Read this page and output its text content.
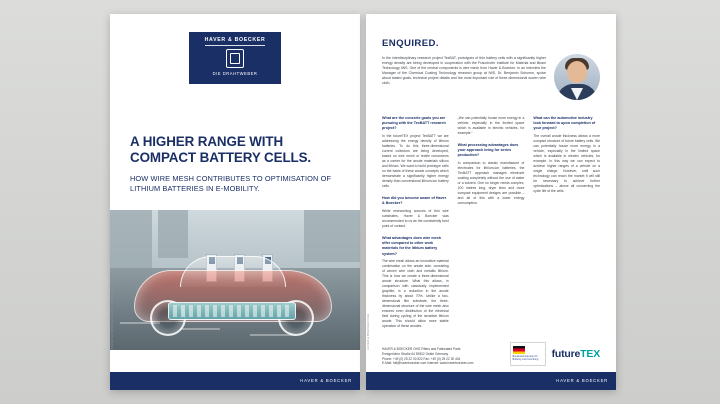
HAVER & BOECKER
DIE DRAHTWEBER
A HIGHER RANGE WITH COMPACT BATTERY CELLS.

HOW WIRE MESH CONTRIBUTES TO OPTIMISATION OF LITHIUM BATTERIES IN E-MOBILITY.

HAVER & BOECKER OHG · WIRE WEAVING
HAVER & BOECKER
ENQUIRED.

In the interdisciplinary research project TexBAT, prototypes of thin battery cells with a significantly higher energy density are being developed in cooperation with the Fraunhofer Institute for Material and Beam Technology IWS. One of the central components is wire mesh from Haver & Boecker. In an interview the Manager of the Chemical Coating Technology research group at IWS, Dr. Benjamin Schumm, spoke about stated goals, technical project details and the most important role of three-dimensional woven wire cloth.

What are the concrete goals you are pursuing with the TexBATT research project?

In the futureTEX project TexBATT we are addressing the energy density of lithium batteries. To do this three-dimensional current collectors are being developed, based on wire mesh or textile nonwovens as a carrier for the anode materials silicon and lithium. We want to build prototype cells on the basis of these anode concepts which demonstrate a significantly higher energy density than conventional lithium-ion battery cells.

How did you become aware of Haver & Boecker?

While researching sources of thin wire substrates, Haver & Boecker was recommended to us as the consistently best point of contact.

What advantages does wire mesh offer compared to other work materials for the lithium battery system?

The wire mesh allows an innovative material combination on the anode side, consisting of woven wire cloth and metallic lithium. This is how we create a three-dimensional anode structure. What this allows, in comparison with classically implemented graphite, is a reduction in the anode thickness by about 70%. Unlike a two-dimensional film substrate, the three-dimensional structure of the wire mesh also ensures even distribution of the electrical field during cycling of the sensitive lithium anode. This should allow more stable operation of these anodes.

„We can potentially house more energy in a vehicle, especially in the limited space which is available in electric vehicles, for example.“

What processing advantages does your approach bring for series production?

In comparison to classic manufacture of electrodes for lithium-ion batteries, the TexBATT approach manages electrode coating completely without the use of water or a solvent. One no longer needs complex, 100 metres long, dryer lines and more compact equipment designs are possible – and all of this with a lower energy consumption.

What can the automotive industry look forward to upon completion of your project?

The overall anode thickness allows a more compact structure of future battery cells. We can potentially house more energy in a vehicle, especially in the limited space which is available in electric vehicles, for example. In this way we can expect to achieve higher ranges of a vehicle on a single charge. However, until such technology can reach the market it will still be necessary to achieve further optimisations – above all concerning the cycle life of the cells.

HAVER & BOECKER OHG Filters and Fabricated Parts
Ennigerloher Straße 64 59302 Oelde Germany
Phone: +49 (0) 25 22 30 522 Fax: +49 (0) 25 22 30 404
E-Mail: fufi@haverboecker.com Internet: www.haverboecker.com
Bundesministerium für Bildung und Forschung	futureTEX
HAVER & BOECKER OHG
HAVER & BOECKER
